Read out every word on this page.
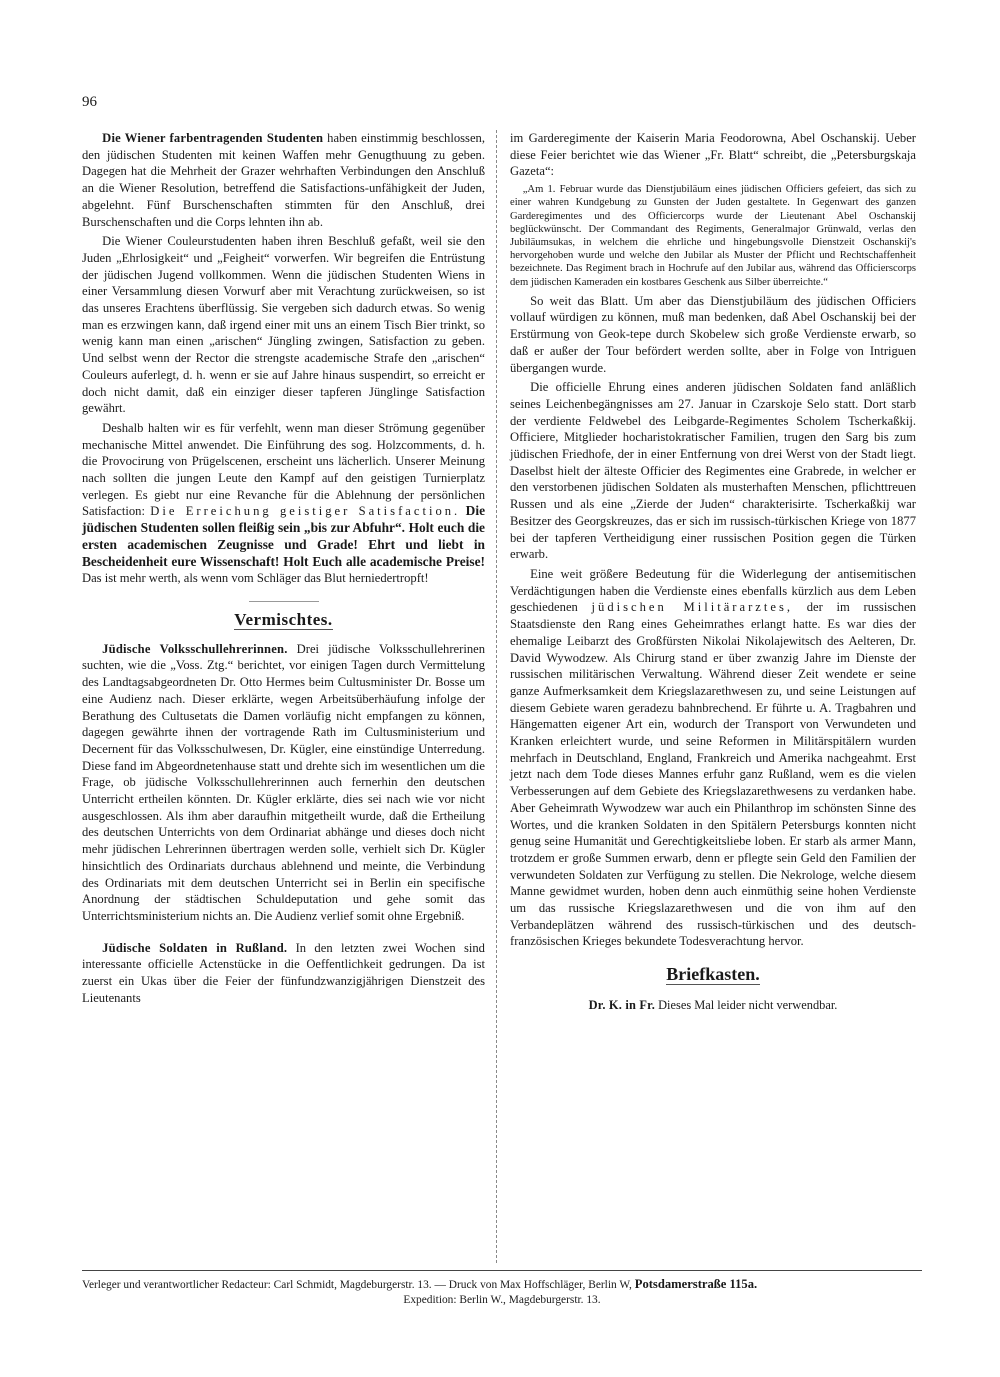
96

Die Wiener farbentragenden Studenten haben einstimmig beschlossen, den jüdischen Studenten mit keinen Waffen mehr Genugthuung zu geben. Dagegen hat die Mehrheit der Grazer wehrhaften Verbindungen den Anschluß an die Wiener Resolution, betreffend die Satisfactions-unfähigkeit der Juden, abgelehnt. Fünf Burschenschaften stimmten für den Anschluß, drei Burschenschaften und die Corps lehnten ihn ab.

Die Wiener Couleurstudenten haben ihren Beschluß gefaßt, weil sie den Juden „Ehrlosigkeit“ und „Feigheit“ vorwerfen. Wir begreifen die Entrüstung der jüdischen Jugend vollkommen. Wenn die jüdischen Studenten Wiens in einer Versammlung diesen Vorwurf aber mit Verachtung zurückweisen, so ist das unseres Erachtens überflüssig. Sie vergeben sich dadurch etwas. So wenig man es erzwingen kann, daß irgend einer mit uns an einem Tisch Bier trinkt, so wenig kann man einen „arischen“ Jüngling zwingen, Satisfaction zu geben. Und selbst wenn der Rector die strengste academische Strafe den „arischen“ Couleurs auferlegt, d. h. wenn er sie auf Jahre hinaus suspendirt, so erreicht er doch nicht damit, daß ein einziger dieser tapferen Jünglinge Satisfaction gewährt.

Deshalb halten wir es für verfehlt, wenn man dieser Strömung gegenüber mechanische Mittel anwendet. Die Einführung des sog. Holzcomments, d. h. die Provocirung von Prügelscenen, erscheint uns lächerlich. Unserer Meinung nach sollten die jungen Leute den Kampf auf den geistigen Turnierplatz verlegen. Es giebt nur eine Revanche für die Ablehnung der persönlichen Satisfaction: Die Erreichung geistiger Satisfaction. Die jüdischen Studenten sollen fleißig sein „bis zur Abfuhr“. Holt euch die ersten academischen Zeugnisse und Grade! Ehrt und liebt in Bescheidenheit eure Wissenschaft! Holt Euch alle academische Preise! Das ist mehr werth, als wenn vom Schläger das Blut herniedertropft!

Vermischtes.

Jüdische Volksschullehrerinnen. Drei jüdische Volksschullehrerinen suchten, wie die „Voss. Ztg.“ berichtet, vor einigen Tagen durch Vermittelung des Landtagsabgeordneten Dr. Otto Hermes beim Cultusminister Dr. Bosse um eine Audienz nach. Dieser erklärte, wegen Arbeitsüberhäufung infolge der Berathung des Cultusetats die Damen vorläufig nicht empfangen zu können, dagegen gewährte ihnen der vortragende Rath im Cultusministerium und Decernent für das Volksschulwesen, Dr. Kügler, eine einstündige Unterredung. Diese fand im Abgeordnetenhause statt und drehte sich im wesentlichen um die Frage, ob jüdische Volksschullehrerinnen auch fernerhin den deutschen Unterricht ertheilen könnten. Dr. Kügler erklärte, dies sei nach wie vor nicht ausgeschlossen. Als ihm aber daraufhin mitgetheilt wurde, daß die Ertheilung des deutschen Unterrichts von dem Ordinariat abhänge und dieses doch nicht mehr jüdischen Lehrerinnen übertragen werden solle, verhielt sich Dr. Kügler hinsichtlich des Ordinariats durchaus ablehnend und meinte, die Verbindung des Ordinariats mit dem deutschen Unterricht sei in Berlin ein specifische Anordnung der städtischen Schuldeputation und gehe somit das Unterrichtsministerium nichts an. Die Audienz verlief somit ohne Ergebniß.

Jüdische Soldaten in Rußland. In den letzten zwei Wochen sind interessante officielle Actenstücke in die Oeffentlichkeit gedrungen. Da ist zuerst ein Ukas über die Feier der fünfundzwanzigjährigen Dienstzeit des Lieutenants

im Garderegimente der Kaiserin Maria Feodorowna, Abel Oschanskij. Ueber diese Feier berichtet wie das Wiener „Fr. Blatt“ schreibt, die „Petersburgskaja Gazeta“:

„Am 1. Februar wurde das Dienstjubiläum eines jüdischen Officiers gefeiert, das sich zu einer wahren Kundgebung zu Gunsten der Juden gestaltete. In Gegenwart des ganzen Garderegimentes und des Officiercorps wurde der Lieutenant Abel Oschanskij beglückwünscht. Der Commandant des Regiments, Generalmajor Grünwald, verlas den Jubiläumsukas, in welchem die ehrliche und hingebungsvolle Dienstzeit Oschanskij's hervorgehoben wurde und welche den Jubilar als Muster der Pflicht und Rechtschaffenheit bezeichnete. Das Regiment brach in Hochrufe auf den Jubilar aus, während das Officierscorps dem jüdischen Kameraden ein kostbares Geschenk aus Silber überreichte.“

So weit das Blatt. Um aber das Dienstjubiläum des jüdischen Officiers vollauf würdigen zu können, muß man bedenken, daß Abel Oschanskij bei der Erstürmung von Geok-tepe durch Skobelew sich große Verdienste erwarb, so daß er außer der Tour befördert werden sollte, aber in Folge von Intriguen übergangen wurde.

Die officielle Ehrung eines anderen jüdischen Soldaten fand anläßlich seines Leichenbegängnisses am 27. Januar in Czarskoje Selo statt. Dort starb der verdiente Feldwebel des Leibgarde-Regimentes Scholem Tscherkaßkij. Officiere, Mitglieder hocharistokratischer Familien, trugen den Sarg bis zum jüdischen Friedhofe, der in einer Entfernung von drei Werst von der Stadt liegt. Daselbst hielt der älteste Officier des Regimentes eine Grabrede, in welcher er den verstorbenen jüdischen Soldaten als musterhaften Menschen, pflichttreuen Russen und als eine „Zierde der Juden“ charakterisirte. Tscherkaßkij war Besitzer des Georgskreuzes, das er sich im russisch-türkischen Kriege von 1877 bei der tapferen Vertheidigung einer russischen Position gegen die Türken erwarb.

Eine weit größere Bedeutung für die Widerlegung der antisemitischen Verdächtigungen haben die Verdienste eines ebenfalls kürzlich aus dem Leben geschiedenen jüdischen Militärarztes, der im russischen Staatsdienste den Rang eines Geheimrathes erlangt hatte. Es war dies der ehemalige Leibarzt des Großfürsten Nikolai Nikolajewitsch des Aelteren, Dr. David Wywodzew. Als Chirurg stand er über zwanzig Jahre im Dienste der russischen militärischen Verwaltung. Während dieser Zeit wendete er seine ganze Aufmerksamkeit dem Kriegslazarethwesen zu, und seine Leistungen auf diesem Gebiete waren geradezu bahnbrechend. Er führte u. A. Tragbahren und Hängematten eigener Art ein, wodurch der Transport von Verwundeten und Kranken erleichtert wurde, und seine Reformen in Militärspitälern wurden mehrfach in Deutschland, England, Frankreich und Amerika nachgeahmt. Erst jetzt nach dem Tode dieses Mannes erfuhr ganz Rußland, wem es die vielen Verbesserungen auf dem Gebiete des Kriegslazarethwesens zu verdanken habe. Aber Geheimrath Wywodzew war auch ein Philanthrop im schönsten Sinne des Wortes, und die kranken Soldaten in den Spitälern Petersburgs konnten nicht genug seine Humanität und Gerechtigkeitsliebe loben. Er starb als armer Mann, trotzdem er große Summen erwarb, denn er pflegte sein Geld den Familien der verwundeten Soldaten zur Verfügung zu stellen. Die Nekrologe, welche diesem Manne gewidmet wurden, hoben denn auch einmüthig seine hohen Verdienste um das russische Kriegslazarethwesen und die von ihm auf den Verbandeplätzen während des russisch-türkischen und des deutsch-französischen Krieges bekundete Todesverachtung hervor.

Briefkasten.
Dr. K. in Fr. Dieses Mal leider nicht verwendbar.
Verleger und verantwortlicher Redacteur: Carl Schmidt, Magdeburgerstr. 13. — Druck von Max Hoffschläger, Berlin W, Potsdamerstraße 115a.
Expedition: Berlin W., Magdeburgerstr. 13.
